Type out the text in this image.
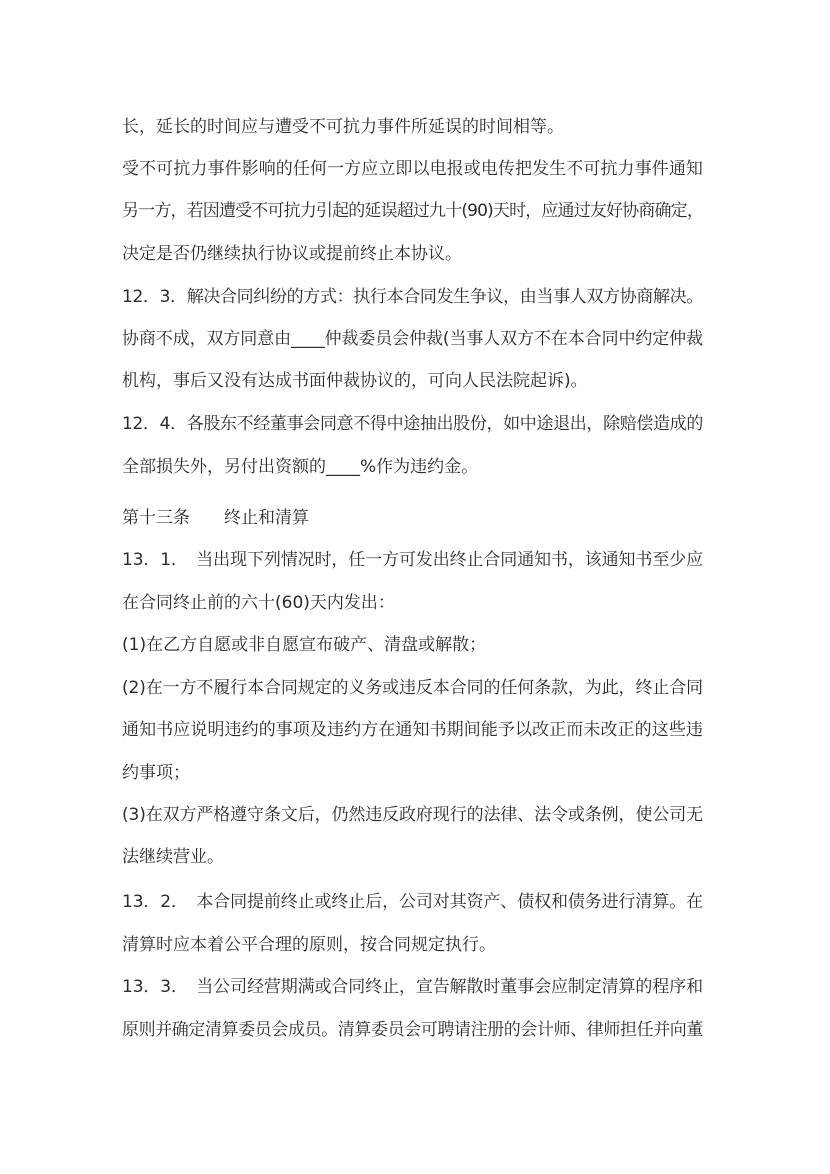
长，延长的时间应与遭受不可抗力事件所延误的时间相等。
受不可抗力事件影响的任何一方应立即以电报或电传把发生不可抗力事件通知
另一方，若因遭受不可抗力引起的延误超过九十(90)天时，应通过友好协商确定，
决定是否仍继续执行协议或提前终止本协议。
12．3．解决合同纠纷的方式：执行本合同发生争议，由当事人双方协商解决。
协商不成，双方同意由____仲裁委员会仲裁(当事人双方不在本合同中约定仲裁
机构，事后又没有达成书面仲裁协议的，可向人民法院起诉)。
12．4．各股东不经董事会同意不得中途抽出股份，如中途退出，除赔偿造成的
全部损失外，另付出资额的____%作为违约金。
第十三条　　终止和清算
13．1．　当出现下列情况时，任一方可发出终止合同通知书，该通知书至少应
在合同终止前的六十(60)天内发出：
(1)在乙方自愿或非自愿宣布破产、清盘或解散；
(2)在一方不履行本合同规定的义务或违反本合同的任何条款，为此，终止合同
通知书应说明违约的事项及违约方在通知书期间能予以改正而未改正的这些违
约事项；
(3)在双方严格遵守条文后，仍然违反政府现行的法律、法令或条例，使公司无
法继续营业。
13．2．　本合同提前终止或终止后，公司对其资产、债权和债务进行清算。在
清算时应本着公平合理的原则，按合同规定执行。
13．3．　当公司经营期满或合同终止，宣告解散时董事会应制定清算的程序和
原则并确定清算委员会成员。清算委员会可聘请注册的会计师、律师担任并向董
